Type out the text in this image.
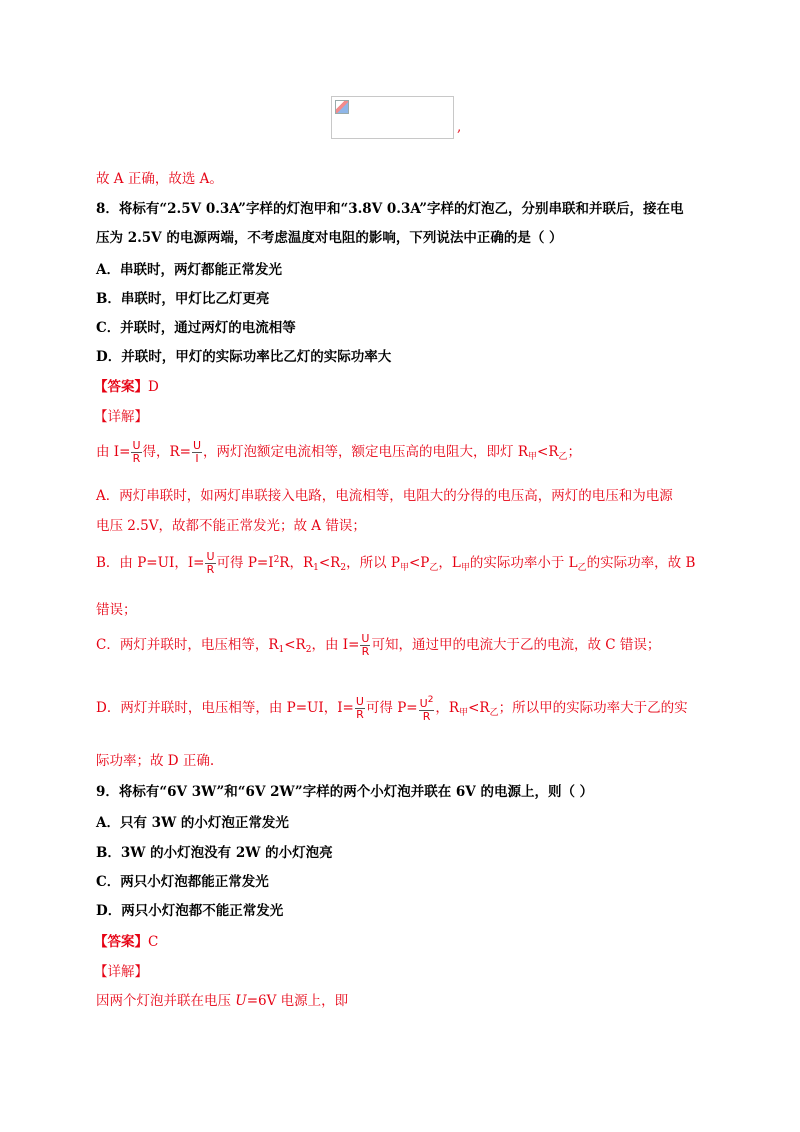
,
故 A 正确，故选 A。
8．将标有“2.5V 0.3A”字样的灯泡甲和“3.8V 0.3A”字样的灯泡乙，分别串联和并联后，接在电
压为 2.5V 的电源两端，不考虑温度对电阻的影响，下列说法中正确的是（ ）
A．串联时，两灯都能正常发光
B．串联时，甲灯比乙灯更亮
C．并联时，通过两灯的电流相等
D．并联时，甲灯的实际功率比乙灯的实际功率大
【答案】D
【详解】
由 $I= \frac{U}{R}$ 得，$R= \frac{U}{I}$ ，两灯泡额定电流相等，额定电压高的电阻大，即灯 $R_甲<R_乙$；
A．两灯串联时，如两灯串联接入电路，电流相等，电阻大的分得的电压高，两灯的电压和为电源
电压 2.5V，故都不能正常发光；故 A 错误；
B．由 P=UI，$I= \frac{U}{R}$ 可得 $P=I^2R$，$R_1<R_2$，所以 $P_甲<P_乙$，$L_甲$的实际功率小于 $L_乙$的实际功率，故 B
错误；
C．两灯并联时，电压相等，$R_1<R_2$，由 $I= \frac{U}{R}$ 可知，通过甲的电流大于乙的电流，故 C 错误；
D．两灯并联时，电压相等，由 P=UI，$I= \frac{U}{R}$ 可得 $P= \frac{U^2}{R}$ ，$R_甲<R_乙$；所以甲的实际功率大于乙的实
际功率；故 D 正确.
9．将标有“6V 3W”和“6V 2W”字样的两个小灯泡并联在 6V 的电源上，则（ ）
A．只有 3W 的小灯泡正常发光
B．3W 的小灯泡没有 2W 的小灯泡亮
C．两只小灯泡都能正常发光
D．两只小灯泡都不能正常发光
【答案】C
【详解】
因两个灯泡并联在电压 U=6V 电源上，即
